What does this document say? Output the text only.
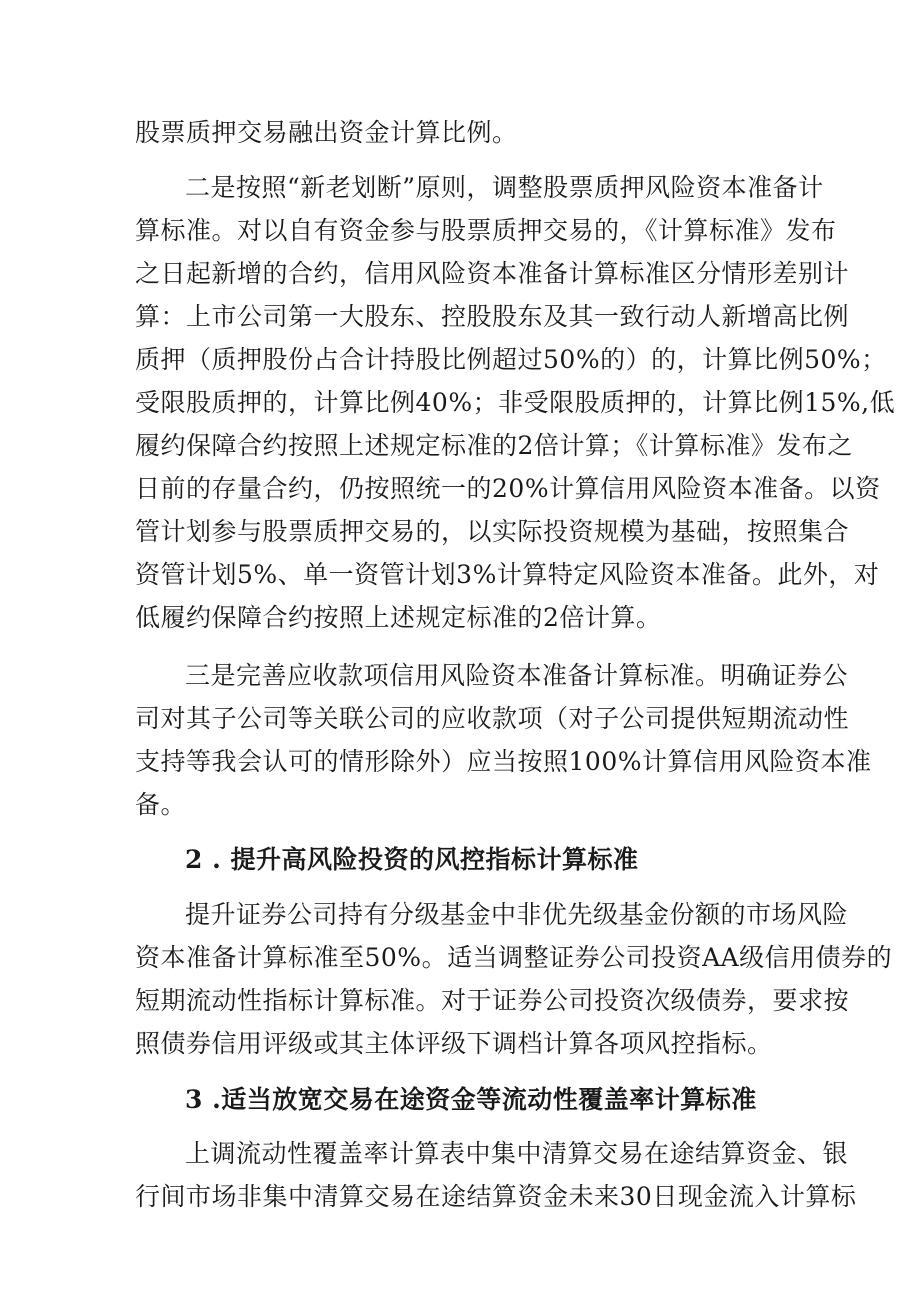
股票质押交易融出资金计算比例。
二是按照“新老划断”原则，调整股票质押风险资本准备计
算标准。对以自有资金参与股票质押交易的，《计算标准》发布
之日起新增的合约，信用风险资本准备计算标准区分情形差别计
算：上市公司第一大股东、控股股东及其一致行动人新增高比例
质押（质押股份占合计持股比例超过50%的）的，计算比例50%；
受限股质押的，计算比例40%；非受限股质押的，计算比例15%,低
履约保障合约按照上述规定标准的2倍计算；《计算标准》发布之
日前的存量合约，仍按照统一的20%计算信用风险资本准备。以资
管计划参与股票质押交易的，以实际投资规模为基础，按照集合
资管计划5%、单一资管计划3%计算特定风险资本准备。此外，对
低履约保障合约按照上述规定标准的2倍计算。
三是完善应收款项信用风险资本准备计算标准。明确证券公
司对其子公司等关联公司的应收款项（对子公司提供短期流动性
支持等我会认可的情形除外）应当按照100%计算信用风险资本准
备。
2 . 提升高风险投资的风控指标计算标准
提升证券公司持有分级基金中非优先级基金份额的市场风险
资本准备计算标准至50%。适当调整证券公司投资AA级信用债券的
短期流动性指标计算标准。对于证券公司投资次级债券，要求按
照债券信用评级或其主体评级下调档计算各项风控指标。
3 .适当放宽交易在途资金等流动性覆盖率计算标准
上调流动性覆盖率计算表中集中清算交易在途结算资金、银
行间市场非集中清算交易在途结算资金未来30日现金流入计算标
